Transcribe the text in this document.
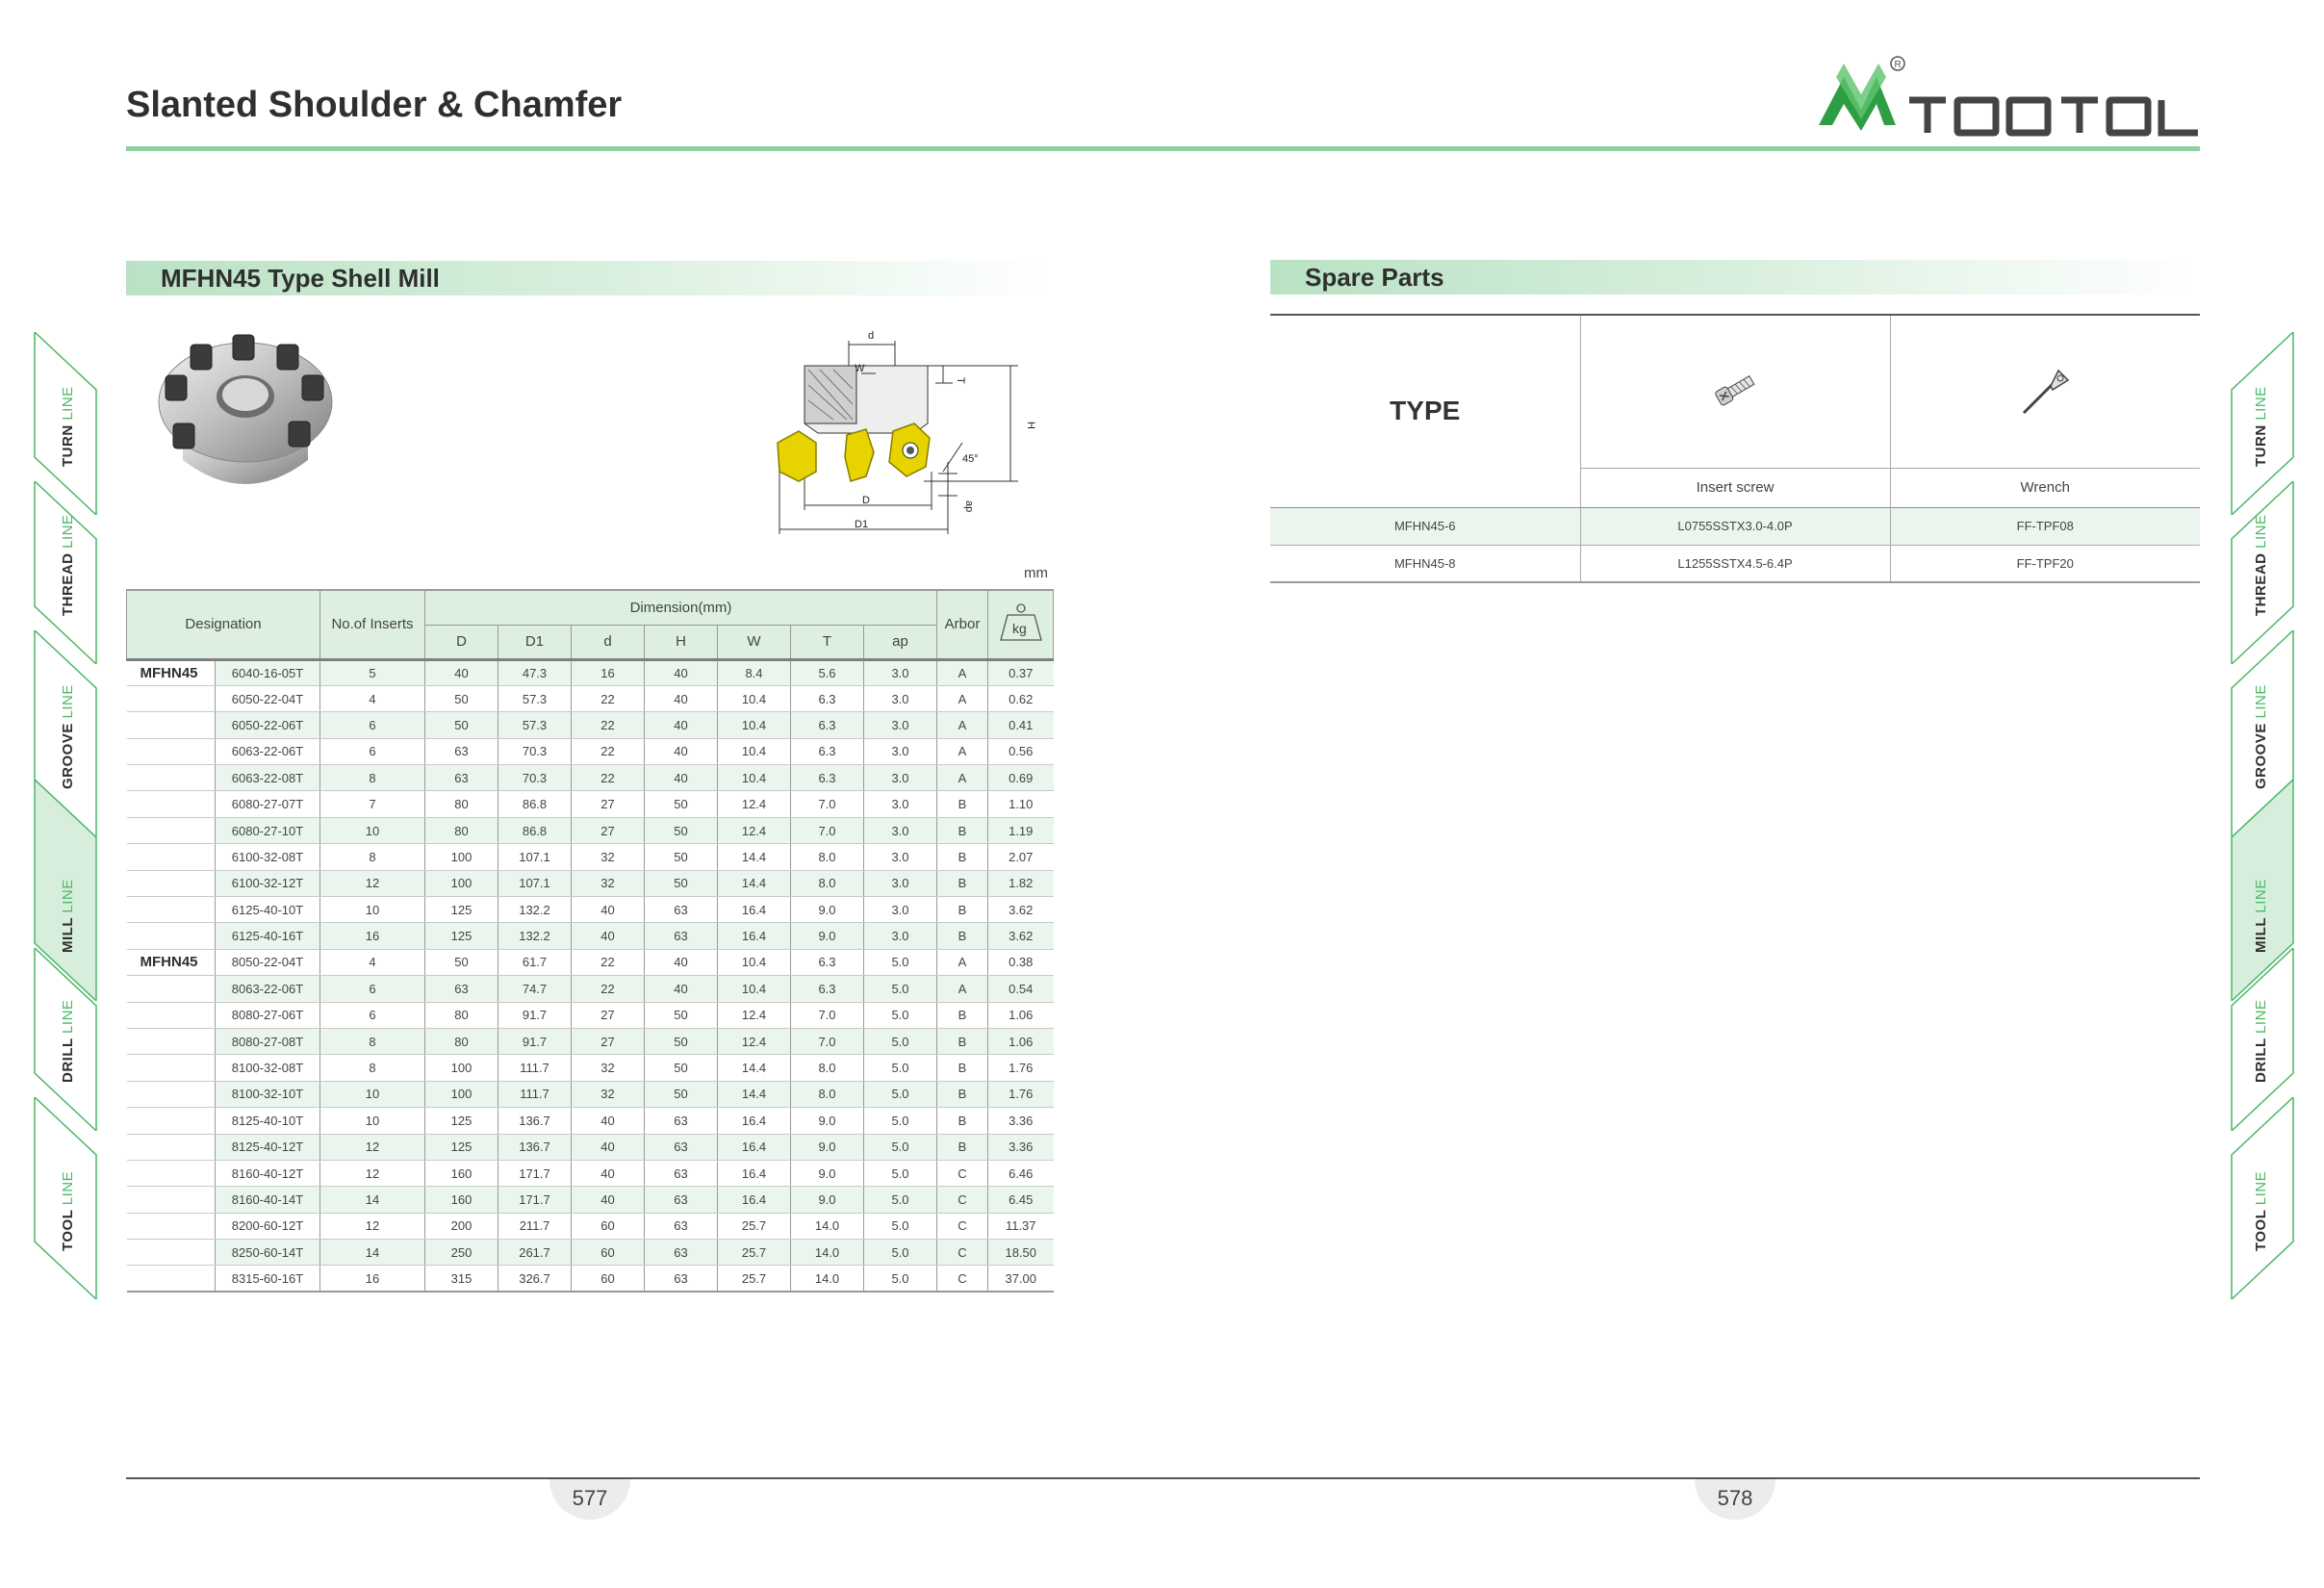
Slanted Shoulder & Chamfer
R
MFHN45 Type Shell Mill	Spare Parts
d
W
T
H
D
D1
45°
ap
mm
Designation		No.of Inserts	Dimension(mm)							Arbor	kg

			D	D1	d	H	W	T	ap		
MFHN45	6040-16-05T	5	40	47.3	16	40	8.4	5.6	3.0	A	0.37
	6050-22-04T	4	50	57.3	22	40	10.4	6.3	3.0	A	0.62
	6050-22-06T	6	50	57.3	22	40	10.4	6.3	3.0	A	0.41
	6063-22-06T	6	63	70.3	22	40	10.4	6.3	3.0	A	0.56
	6063-22-08T	8	63	70.3	22	40	10.4	6.3	3.0	A	0.69
	6080-27-07T	7	80	86.8	27	50	12.4	7.0	3.0	B	1.10
	6080-27-10T	10	80	86.8	27	50	12.4	7.0	3.0	B	1.19
	6100-32-08T	8	100	107.1	32	50	14.4	8.0	3.0	B	2.07
	6100-32-12T	12	100	107.1	32	50	14.4	8.0	3.0	B	1.82
	6125-40-10T	10	125	132.2	40	63	16.4	9.0	3.0	B	3.62
	6125-40-16T	16	125	132.2	40	63	16.4	9.0	3.0	B	3.62
MFHN45	8050-22-04T	4	50	61.7	22	40	10.4	6.3	5.0	A	0.38
	8063-22-06T	6	63	74.7	22	40	10.4	6.3	5.0	A	0.54
	8080-27-06T	6	80	91.7	27	50	12.4	7.0	5.0	B	1.06
	8080-27-08T	8	80	91.7	27	50	12.4	7.0	5.0	B	1.06
	8100-32-08T	8	100	111.7	32	50	14.4	8.0	5.0	B	1.76
	8100-32-10T	10	100	111.7	32	50	14.4	8.0	5.0	B	1.76
	8125-40-10T	10	125	136.7	40	63	16.4	9.0	5.0	B	3.36
	8125-40-12T	12	125	136.7	40	63	16.4	9.0	5.0	B	3.36
	8160-40-12T	12	160	171.7	40	63	16.4	9.0	5.0	C	6.46
	8160-40-14T	14	160	171.7	40	63	16.4	9.0	5.0	C	6.45
	8200-60-12T	12	200	211.7	60	63	25.7	14.0	5.0	C	11.37
	8250-60-14T	14	250	261.7	60	63	25.7	14.0	5.0	C	18.50
	8315-60-16T	16	315	326.7	60	63	25.7	14.0	5.0	C	37.00
TYPE		
	Insert screw	Wrench
MFHN45-6	L0755SSTX3.0-4.0P	FF-TPF08
MFHN45-8	L1255SSTX4.5-6.4P	FF-TPF20
TURN LINE
THREAD LINE
GROOVE LINE
MILL LINE
DRILL LINE
TOOL LINE
TURN LINE
THREAD LINE
GROOVE LINE
MILL LINE
DRILL LINE
TOOL LINE
577	578
